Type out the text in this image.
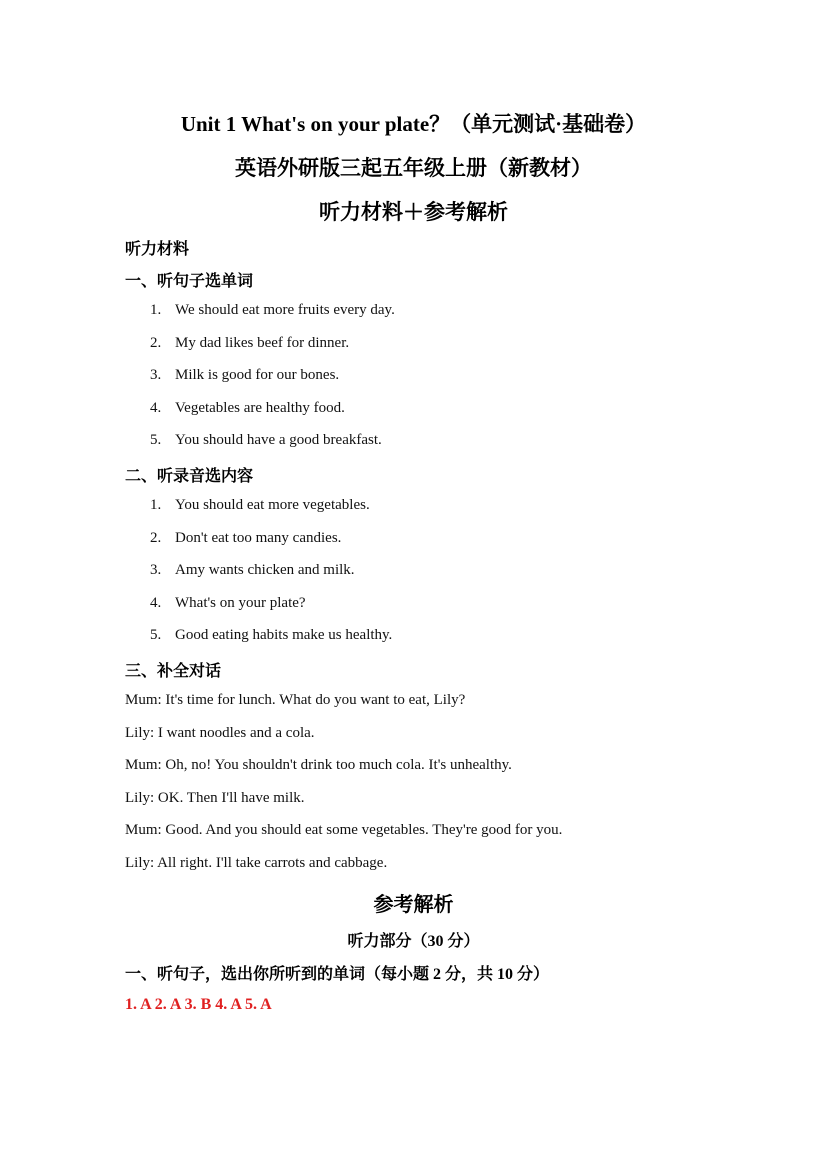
Unit 1 What's on your plate？（单元测试·基础卷）
英语外研版三起五年级上册（新教材）
听力材料＋参考解析
听力材料
一、听句子选单词
1. We should eat more fruits every day.
2. My dad likes beef for dinner.
3. Milk is good for our bones.
4. Vegetables are healthy food.
5. You should have a good breakfast.
二、听录音选内容
1. You should eat more vegetables.
2. Don't eat too many candies.
3. Amy wants chicken and milk.
4. What's on your plate?
5. Good eating habits make us healthy.
三、补全对话
Mum: It's time for lunch. What do you want to eat, Lily?
Lily: I want noodles and a cola.
Mum: Oh, no! You shouldn't drink too much cola. It's unhealthy.
Lily: OK. Then I'll have milk.
Mum: Good. And you should eat some vegetables. They're good for you.
Lily: All right. I'll take carrots and cabbage.
参考解析
听力部分（30 分）
一、听句子，选出你所听到的单词（每小题 2 分，共 10 分）
1. A 2. A 3. B 4. A 5. A
